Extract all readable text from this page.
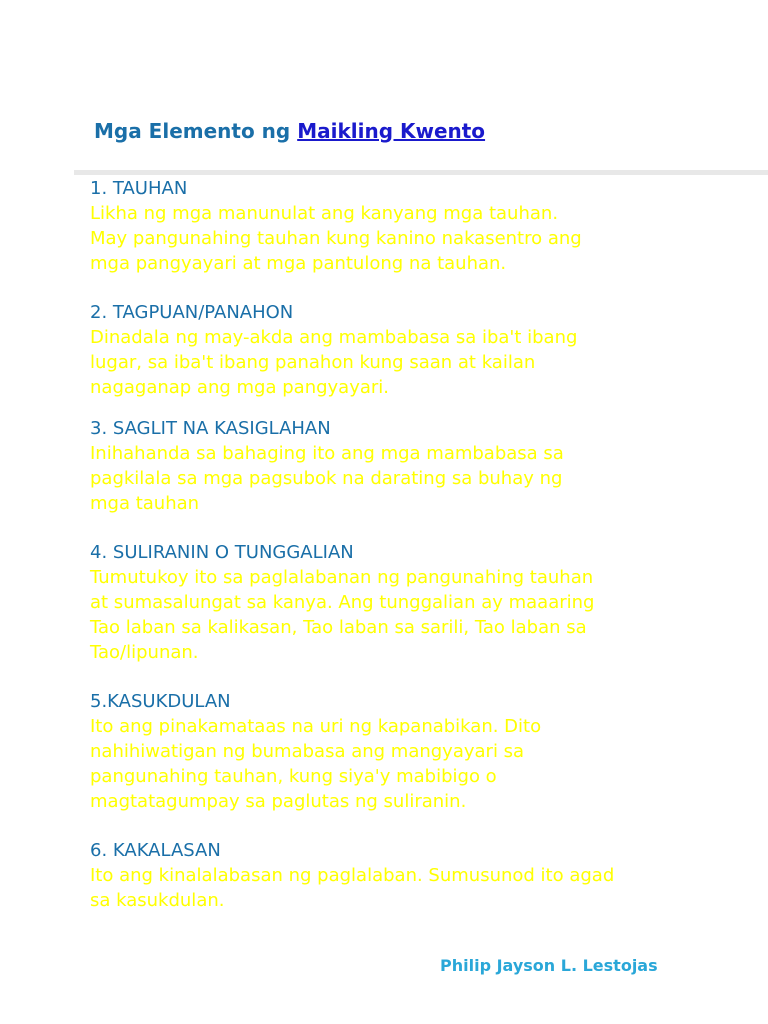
Mga Elemento ng Maikling Kwento
1. TAUHAN
Likha ng mga manunulat ang kanyang mga tauhan.
May pangunahing tauhan kung kanino nakasentro ang
mga pangyayari at mga pantulong na tauhan.
2. TAGPUAN/PANAHON
Dinadala ng may-akda ang mambabasa sa iba't ibang
lugar, sa iba't ibang panahon kung saan at kailan
nagaganap ang mga pangyayari.
3. SAGLIT NA KASIGLAHAN
Inihahanda sa bahaging ito ang mga mambabasa sa
pagkilala sa mga pagsubok na darating sa buhay ng
mga tauhan
4. SULIRANIN O TUNGGALIAN
Tumutukoy ito sa paglalabanan ng pangunahing tauhan
at sumasalungat sa kanya. Ang tunggalian ay maaaring
Tao laban sa kalikasan, Tao laban sa sarili, Tao laban sa
Tao/lipunan.
5.KASUKDULAN
Ito ang pinakamataas na uri ng kapanabikan. Dito
nahihiwatigan ng bumabasa ang mangyayari sa
pangunahing tauhan, kung siya'y mabibigo o
magtatagumpay sa paglutas ng suliranin.
6. KAKALASAN
Ito ang kinalalabasan ng paglalaban. Sumusunod ito agad
sa kasukdulan.
Philip Jayson L. Lestojas
